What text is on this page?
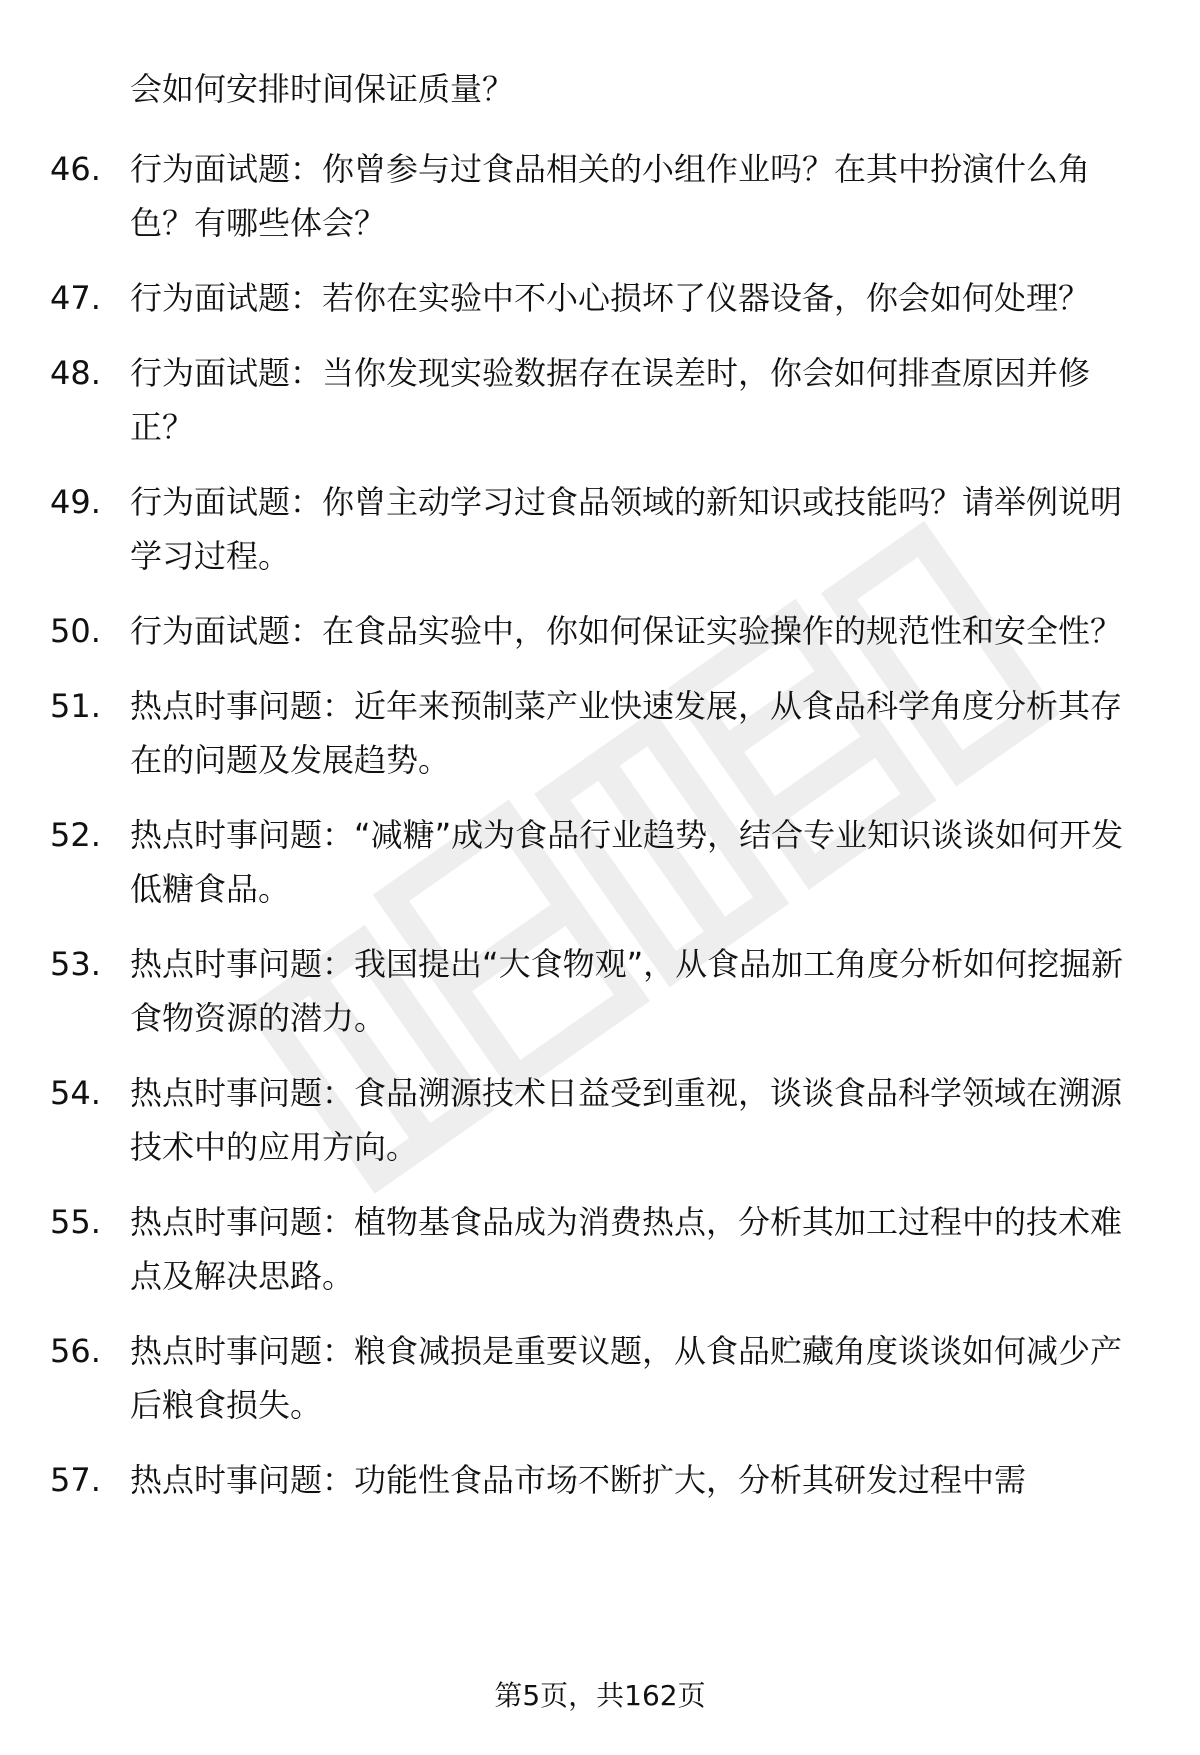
会如何安排时间保证质量？
46. 行为面试题：你曾参与过食品相关的小组作业吗？在其中扮演什么角色？有哪些体会？
47. 行为面试题：若你在实验中不小心损坏了仪器设备，你会如何处理？
48. 行为面试题：当你发现实验数据存在误差时，你会如何排查原因并修正？
49. 行为面试题：你曾主动学习过食品领域的新知识或技能吗？请举例说明学习过程。
50. 行为面试题：在食品实验中，你如何保证实验操作的规范性和安全性？
51. 热点时事问题：近年来预制菜产业快速发展，从食品科学角度分析其存在的问题及发展趋势。
52. 热点时事问题：“减糖”成为食品行业趋势，结合专业知识谈谈如何开发低糖食品。
53. 热点时事问题：我国提出“大食物观”，从食品加工角度分析如何挖掘新食物资源的潜力。
54. 热点时事问题：食品溯源技术日益受到重视，谈谈食品科学领域在溯源技术中的应用方向。
55. 热点时事问题：植物基食品成为消费热点，分析其加工过程中的技术难点及解决思路。
56. 热点时事问题：粮食减损是重要议题，从食品贮藏角度谈谈如何减少产后粮食损失。
57. 热点时事问题：功能性食品市场不断扩大，分析其研发过程中需
第5页，共162页
